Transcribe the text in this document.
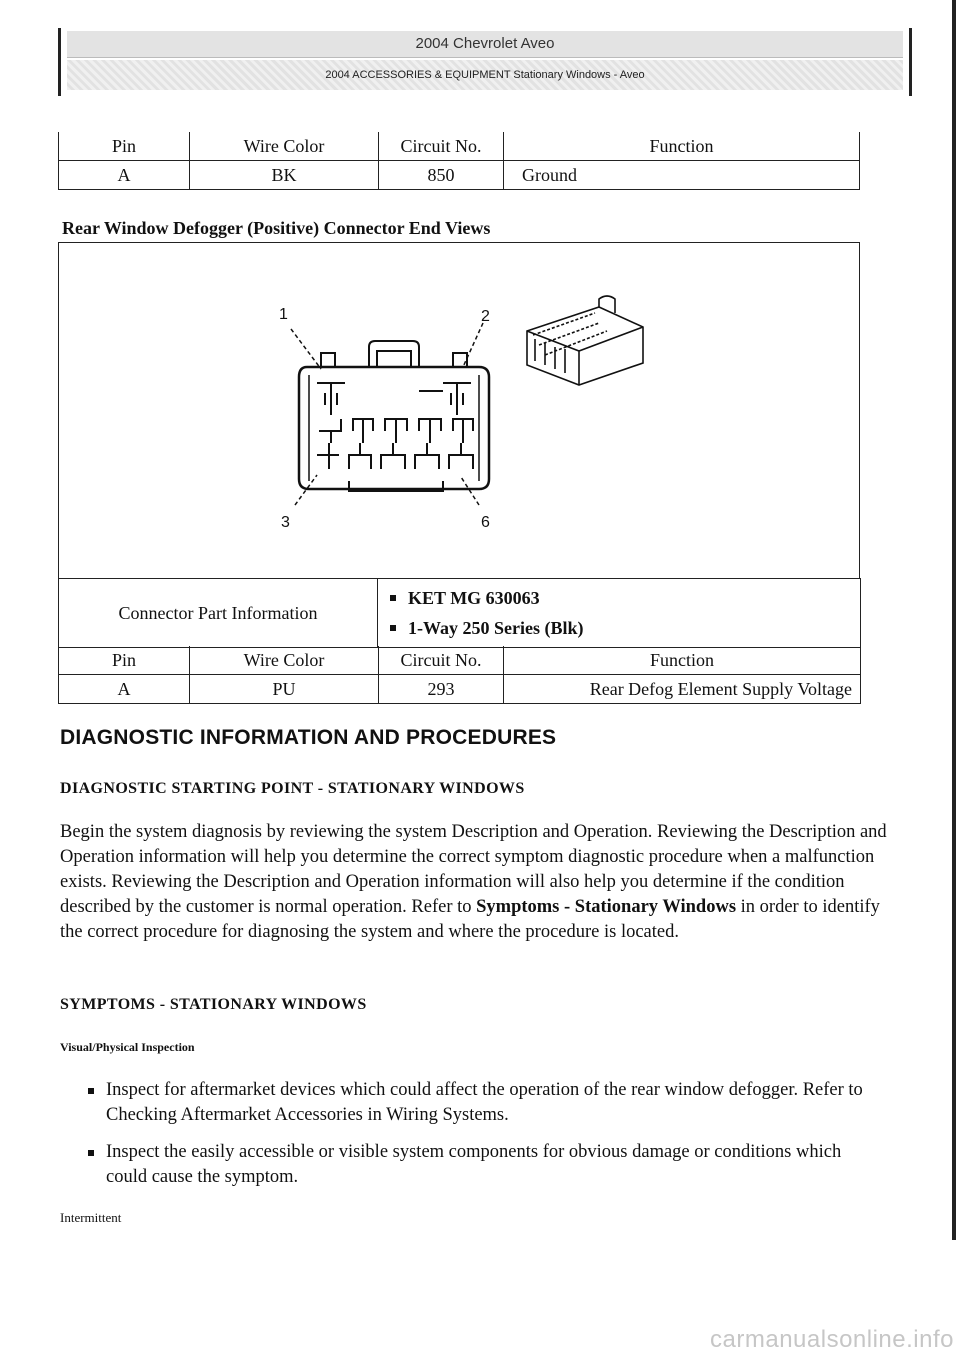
2004 Chevrolet Aveo
2004 ACCESSORIES & EQUIPMENT Stationary Windows - Aveo
Pin	Wire Color	Circuit No.	Function
A	BK	850	Ground
Rear Window Defogger (Positive) Connector End Views
1	2
3	6
Connector Part Information	
KET MG 630063
1-Way 250 Series (Blk)
Pin	Wire Color	Circuit No.	Function
A	PU	293	Rear Defog Element Supply Voltage
DIAGNOSTIC INFORMATION AND PROCEDURES
DIAGNOSTIC STARTING POINT - STATIONARY WINDOWS
Begin the system diagnosis by reviewing the system Description and Operation. Reviewing the Description and Operation information will help you determine the correct symptom diagnostic procedure when a malfunction exists. Reviewing the Description and Operation information will also help you determine if the condition described by the customer is normal operation. Refer to Symptoms - Stationary Windows in order to identify the correct procedure for diagnosing the system and where the procedure is located.
SYMPTOMS - STATIONARY WINDOWS
Visual/Physical Inspection
Inspect for aftermarket devices which could affect the operation of the rear window defogger. Refer to Checking Aftermarket Accessories in Wiring Systems.
Inspect the easily accessible or visible system components for obvious damage or conditions which could cause the symptom.
Intermittent
carmanualsonline.info
